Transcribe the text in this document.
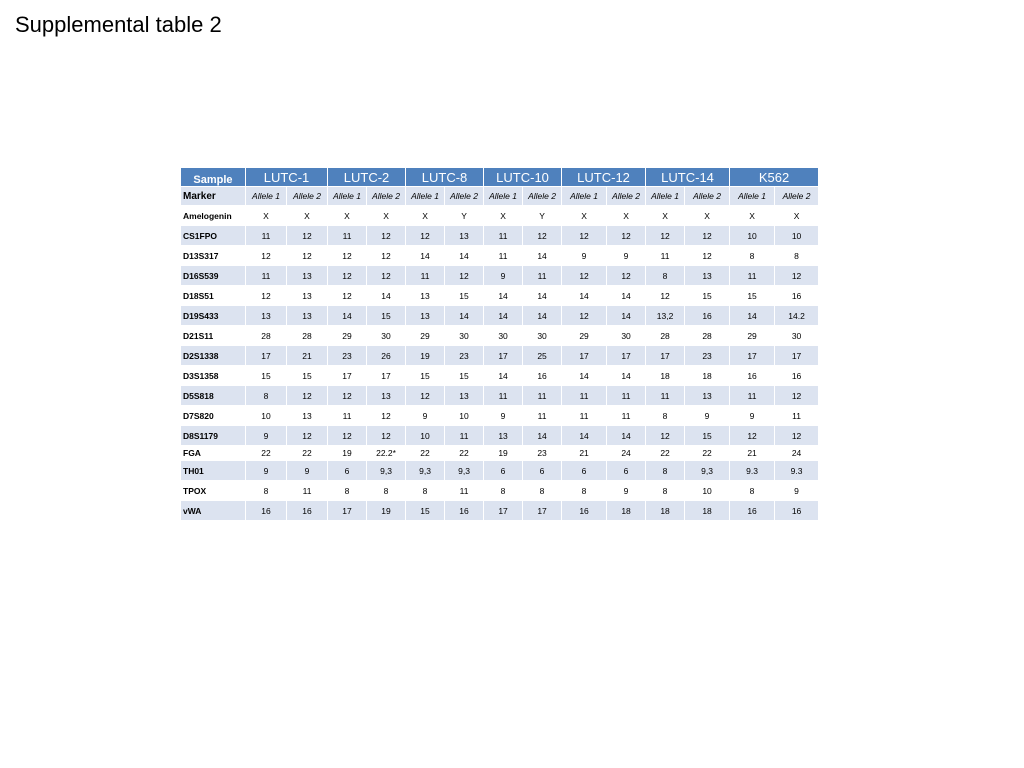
Supplemental table 2
Sample	LUTC-1		LUTC-2		LUTC-8		LUTC-10		LUTC-12		LUTC-14		K562	
Marker	Allele 1	Allele 2	Allele 1	Allele 2	Allele 1	Allele 2	Allele 1	Allele 2	Allele 1	Allele 2	Allele 1	Allele 2	Allele 1	Allele 2
Amelogenin	X	X	X	X	X	Y	X	Y	X	X	X	X	X	X
CS1FPO	11	12	11	12	12	13	11	12	12	12	12	12	10	10
D13S317	12	12	12	12	14	14	11	14	9	9	11	12	8	8
D16S539	11	13	12	12	11	12	9	11	12	12	8	13	11	12
D18S51	12	13	12	14	13	15	14	14	14	14	12	15	15	16
D19S433	13	13	14	15	13	14	14	14	12	14	13,2	16	14	14.2
D21S11	28	28	29	30	29	30	30	30	29	30	28	28	29	30
D2S1338	17	21	23	26	19	23	17	25	17	17	17	23	17	17
D3S1358	15	15	17	17	15	15	14	16	14	14	18	18	16	16
D5S818	8	12	12	13	12	13	11	11	11	11	11	13	11	12
D7S820	10	13	11	12	9	10	9	11	11	11	8	9	9	11
D8S1179	9	12	12	12	10	11	13	14	14	14	12	15	12	12
FGA	22	22	19	22.2*	22	22	19	23	21	24	22	22	21	24
TH01	9	9	6	9,3	9,3	9,3	6	6	6	6	8	9,3	9.3	9.3
TPOX	8	11	8	8	8	11	8	8	8	9	8	10	8	9
vWA	16	16	17	19	15	16	17	17	16	18	18	18	16	16
